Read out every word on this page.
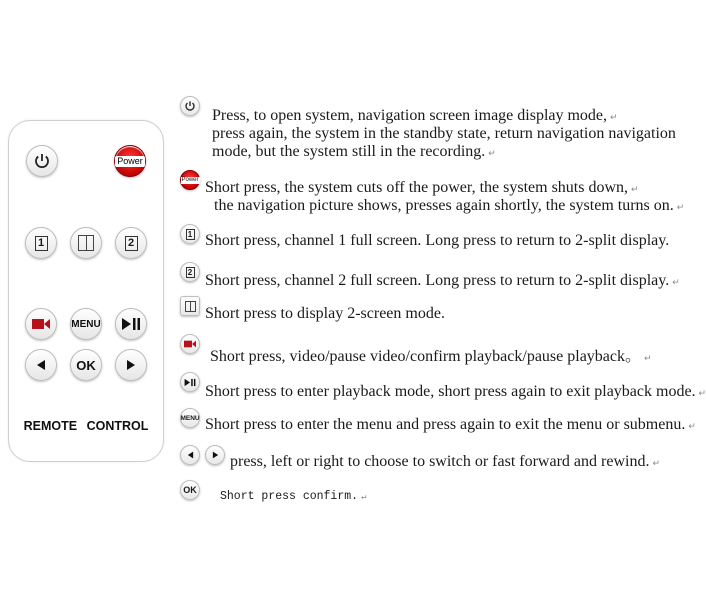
Power
1	2
MENU
OK
REMOTE CONTROL
Press, to open system, navigation screen image display mode, ↵
press again, the system in the standby state, return navigation navigation
mode, but the system still in the recording. ↵
Power Short press, the system cuts off the power, the system shuts down, ↵
the navigation picture shows, presses again shortly, the system turns on. ↵
1 Short press, channel 1 full screen. Long press to return to 2-split display.
2 Short press, channel 2 full screen. Long press to return to 2-split display. ↵
Short press to display 2-screen mode.
Short press, video/pause video/confirm playback/pause playback。 ↵
Short press to enter playback mode, short press again to exit playback mode. ↵
MENU Short press to enter the menu and press again to exit the menu or submenu. ↵
press, left or right to choose to switch or fast forward and rewind. ↵
OK Short press confirm. ↵
